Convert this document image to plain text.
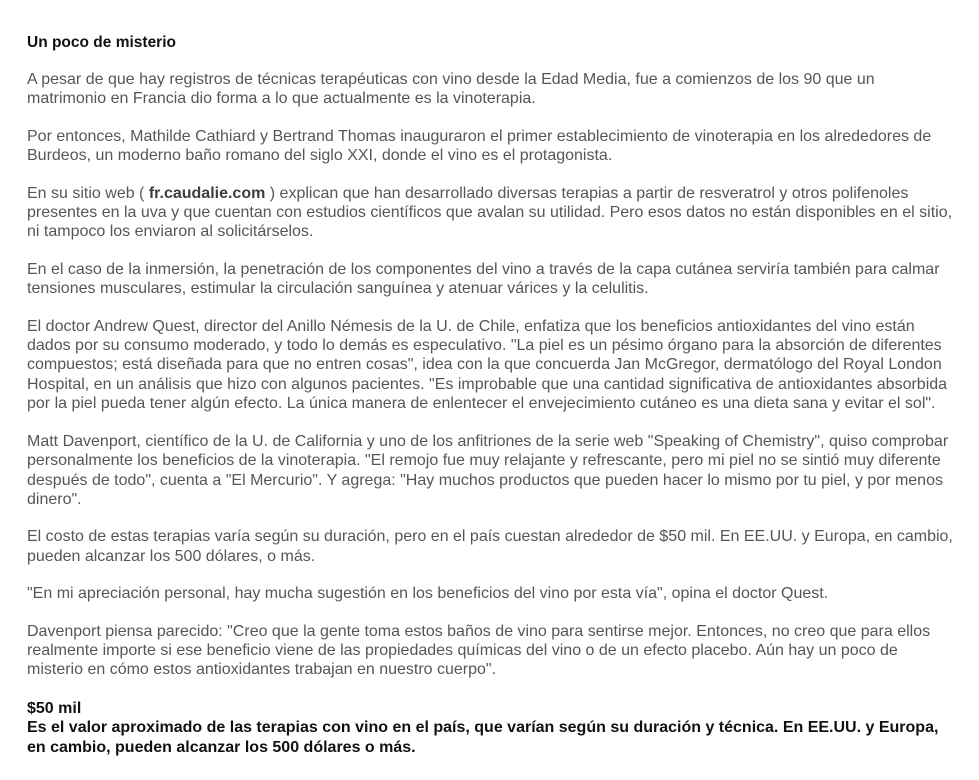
Un poco de misterio

A pesar de que hay registros de técnicas terapéuticas con vino desde la Edad Media, fue a comienzos de los 90 que un matrimonio en Francia dio forma a lo que actualmente es la vinoterapia.

Por entonces, Mathilde Cathiard y Bertrand Thomas inauguraron el primer establecimiento de vinoterapia en los alrededores de Burdeos, un moderno baño romano del siglo XXI, donde el vino es el protagonista.

En su sitio web ( fr.caudalie.com ) explican que han desarrollado diversas terapias a partir de resveratrol y otros polifenoles presentes en la uva y que cuentan con estudios científicos que avalan su utilidad. Pero esos datos no están disponibles en el sitio, ni tampoco los enviaron al solicitárselos.

En el caso de la inmersión, la penetración de los componentes del vino a través de la capa cutánea serviría también para calmar tensiones musculares, estimular la circulación sanguínea y atenuar várices y la celulitis.

El doctor Andrew Quest, director del Anillo Némesis de la U. de Chile, enfatiza que los beneficios antioxidantes del vino están dados por su consumo moderado, y todo lo demás es especulativo. "La piel es un pésimo órgano para la absorción de diferentes compuestos; está diseñada para que no entren cosas", idea con la que concuerda Jan McGregor, dermatólogo del Royal London Hospital, en un análisis que hizo con algunos pacientes. "Es improbable que una cantidad significativa de antioxidantes absorbida por la piel pueda tener algún efecto. La única manera de enlentecer el envejecimiento cutáneo es una dieta sana y evitar el sol".

Matt Davenport, científico de la U. de California y uno de los anfitriones de la serie web "Speaking of Chemistry", quiso comprobar personalmente los beneficios de la vinoterapia. "El remojo fue muy relajante y refrescante, pero mi piel no se sintió muy diferente después de todo", cuenta a "El Mercurio". Y agrega: "Hay muchos productos que pueden hacer lo mismo por tu piel, y por menos dinero".

El costo de estas terapias varía según su duración, pero en el país cuestan alrededor de $50 mil. En EE.UU. y Europa, en cambio, pueden alcanzar los 500 dólares, o más.

"En mi apreciación personal, hay mucha sugestión en los beneficios del vino por esta vía", opina el doctor Quest.

Davenport piensa parecido: "Creo que la gente toma estos baños de vino para sentirse mejor. Entonces, no creo que para ellos realmente importe si ese beneficio viene de las propiedades químicas del vino o de un efecto placebo. Aún hay un poco de misterio en cómo estos antioxidantes trabajan en nuestro cuerpo".

$50 mil
Es el valor aproximado de las terapias con vino en el país, que varían según su duración y técnica. En EE.UU. y Europa, en cambio, pueden alcanzar los 500 dólares o más.
